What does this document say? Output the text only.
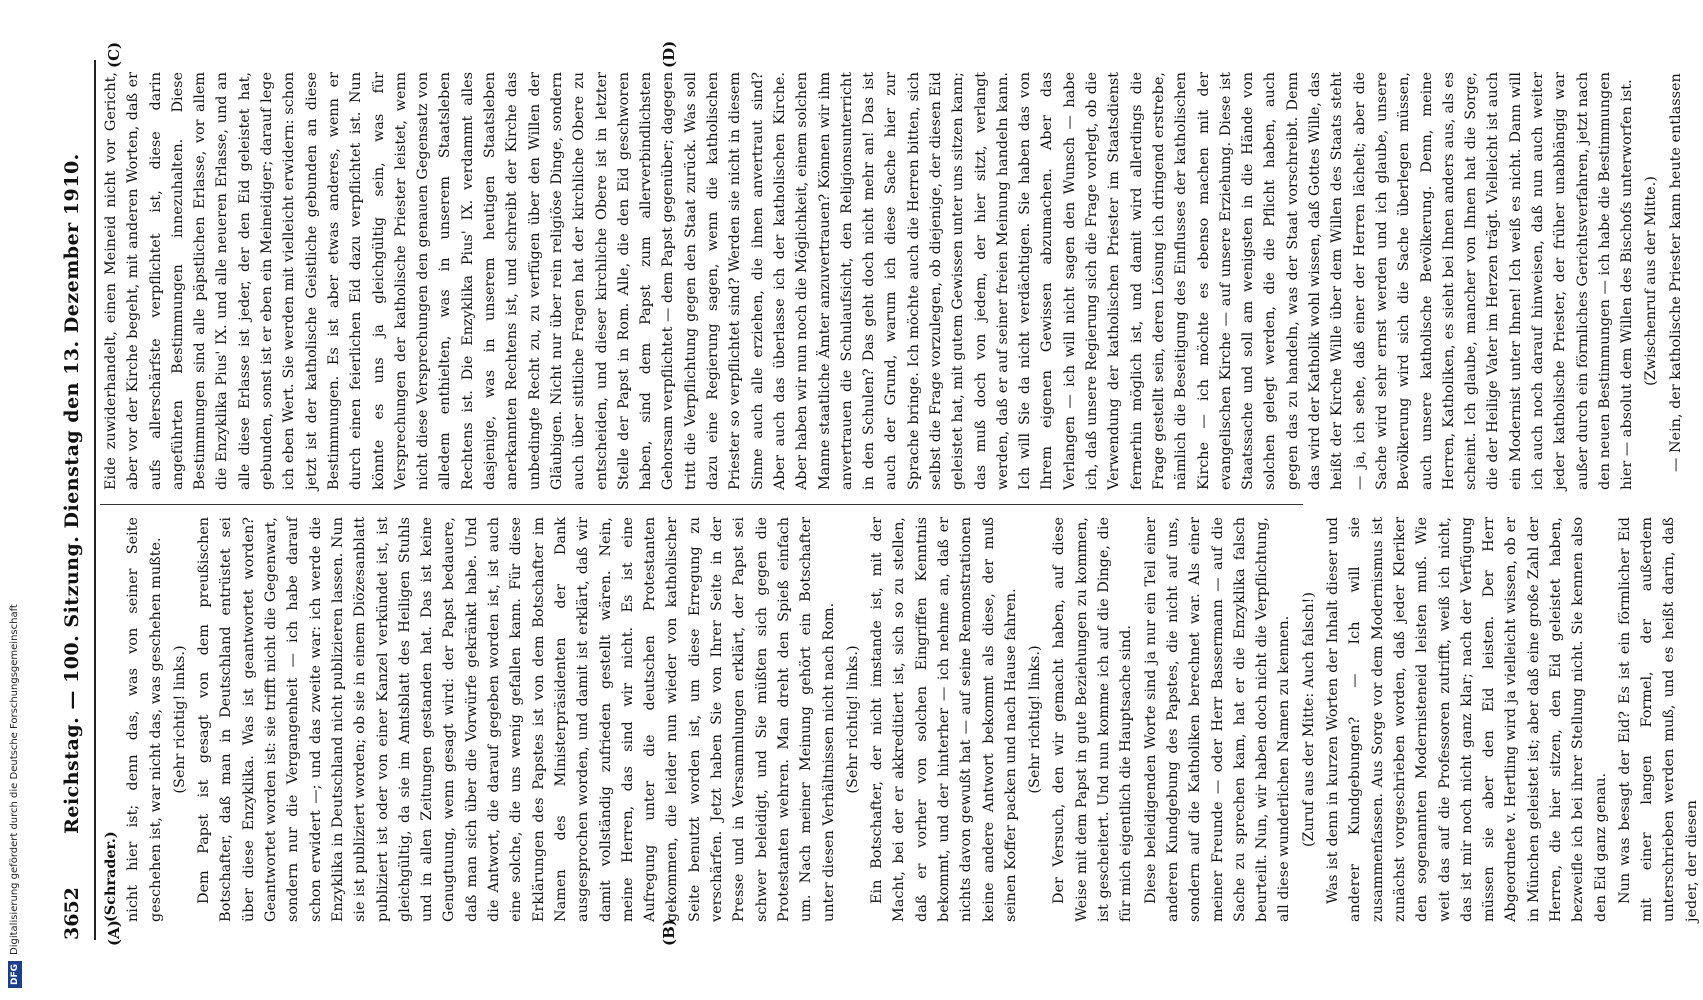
3652
Reichstag. — 100. Sitzung. Dienstag den 13. Dezember 1910.
(A)	(B)
(C)	(D)
(Schrader.) nicht hier ist; denn das, was von seiner Seite geschehen ist, war nicht das, was geschehen mußte. (Sehr richtig! links.) Dem Papst ist gesagt von dem preußischen Botschafter, daß man in Deutschland entrüstet sei über diese Enzyklika. Was ist geantwortet worden? Geantwortet worden ist: sie trifft nicht die Gegenwart, sondern nur die Vergangenheit — ich habe darauf schon erwidert —; und das zweite war: ich werde die Enzyklika in Deutschland nicht publizieren lassen. Nun sie ist publiziert worden; ob sie in einem Diözesanblatt publiziert ist oder von einer Kanzel verkündet ist, ist gleichgültig, da sie im Amtsblatt des Heiligen Stuhls und in allen Zeitungen gestanden hat. Das ist keine Genugtuung, wenn gesagt wird: der Papst bedauere, daß man sich über die Vorwürfe gekränkt habe. Und die Antwort, die darauf gegeben worden ist, ist auch eine solche, die uns wenig gefallen kann. Für diese Erklärungen des Papstes ist von dem Botschafter im Namen des Ministerpräsidenten der Dank ausgesprochen worden, und damit ist erklärt, daß wir damit vollständig zufrieden gestellt wären. Nein, meine Herren, das sind wir nicht. Es ist eine Aufregung unter die deutschen Protestanten gekommen, die leider nun wieder von katholischer Seite benutzt worden ist, um diese Erregung zu verschärfen. Jetzt haben Sie von Ihrer Seite in der Presse und in Versammlungen erklärt, der Papst sei schwer beleidigt, und Sie müßten sich gegen die Protestanten wehren. Man dreht den Spieß einfach um. Nach meiner Meinung gehört ein Botschafter unter diesen Verhältnissen nicht nach Rom. (Sehr richtig! links.) Ein Botschafter, der nicht imstande ist, mit der Macht, bei der er akkreditiert ist, sich so zu stellen, daß er vorher von solchen Eingriffen Kenntnis bekommt, und der hinterher — ich nehme an, daß er nichts davon gewußt hat — auf seine Remonstrationen keine andere Antwort bekommt als diese, der muß seinen Koffer packen und nach Hause fahren. (Sehr richtig! links.) Der Versuch, den wir gemacht haben, auf diese Weise mit dem Papst in gute Beziehungen zu kommen, ist gescheitert. Und nun komme ich auf die Dinge, die für mich eigentlich die Hauptsache sind. Diese beleidigenden Worte sind ja nur ein Teil einer anderen Kundgebung des Papstes, die nicht auf uns, sondern auf die Katholiken berechnet war. Als einer meiner Freunde — oder Herr Bassermann — auf die Sache zu sprechen kam, hat er die Enzyklika falsch beurteilt. Nun, wir haben doch nicht die Verpflichtung, all diese wunderlichen Namen zu kennen. (Zuruf aus der Mitte: Auch falsch!) Was ist denn in kurzen Worten der Inhalt dieser und anderer Kundgebungen? — Ich will sie zusammenfassen. Aus Sorge vor dem Modernismus ist zunächst vorgeschrieben worden, daß jeder Kleriker den sogenannten Modernisteneid leisten muß. Wie weit das auf die Professoren zutrifft, weiß ich nicht, das ist mir noch nicht ganz klar; nach der Verfügung müssen sie aber den Eid leisten. Der Herr Abgeordnete v. Hertling wird ja vielleicht wissen, ob er in München geleistet ist; aber daß eine große Zahl der Herren, die hier sitzen, den Eid geleistet haben, bezweifle ich bei ihrer Stellung nicht. Sie kennen also den Eid ganz genau. Nun was besagt der Eid? Es ist ein förmlicher Eid mit einer langen Formel, der außerdem unterschrieben werden muß, und es heißt darin, daß jeder, der diesen

Eide zuwiderhandelt, einen Meineid nicht vor Gericht, aber vor der Kirche begeht, mit anderen Worten, daß er aufs allerschärfste verpflichtet ist, diese darin angeführten Bestimmungen innezuhalten. Diese Bestimmungen sind alle päpstlichen Erlasse, vor allem die Enzyklika Pius' IX. und alle neueren Erlasse, und an alle diese Erlasse ist jeder, der den Eid geleistet hat, gebunden, sonst ist er eben ein Meineidiger; darauf lege ich eben Wert. Sie werden mit vielleicht erwidern: schon jetzt ist der katholische Geistliche gebunden an diese Bestimmungen. Es ist aber etwas anderes, wenn er durch einen feierlichen Eid dazu verpflichtet ist. Nun könnte es uns ja gleichgültig sein, was für Versprechungen der katholische Priester leistet, wenn nicht diese Versprechungen den genauen Gegensatz von alledem enthielten, was in unserem Staatsleben Rechtens ist. Die Enzyklika Pius' IX. verdammt alles dasjenige, was in unserem heutigen Staatsleben anerkannten Rechtens ist, und schreibt der Kirche das unbedingte Recht zu, zu verfügen über den Willen der Gläubigen. Nicht nur über rein religiöse Dinge, sondern auch über sittliche Fragen hat der kirchliche Obere zu entscheiden, und dieser kirchliche Obere ist in letzter Stelle der Papst in Rom. Alle, die den Eid geschworen haben, sind dem Papst zum allerverbindlichsten Gehorsam verpflichtet — dem Papst gegenüber; dagegen tritt die Verpflichtung gegen den Staat zurück. Was soll dazu eine Regierung sagen, wenn die katholischen Priester so verpflichtet sind? Werden sie nicht in diesem Sinne auch alle erziehen, die ihnen anvertraut sind? Aber auch das überlasse ich der katholischen Kirche. Aber haben wir nun noch die Möglichkeit, einem solchen Manne staatliche Ämter anzuvertrauen? Können wir ihm anvertrauen die Schulaufsicht, den Religionsunterricht in den Schulen? Das geht doch nicht mehr an! Das ist auch der Grund, warum ich diese Sache hier zur Sprache bringe. Ich möchte auch die Herren bitten, sich selbst die Frage vorzulegen, ob diejenige, der diesen Eid geleistet hat, mit gutem Gewissen unter uns sitzen kann; das muß doch von jedem, der hier sitzt, verlangt werden, daß er auf seiner freien Meinung handeln kann. Ich will Sie da nicht verdächtigen. Sie haben das von Ihrem eigenen Gewissen abzumachen. Aber das Verlangen — ich will nicht sagen den Wunsch — habe ich, daß unsere Regierung sich die Frage vorlegt, ob die Verwendung der katholischen Priester im Staatsdienst fernerhin möglich ist, und damit wird allerdings die Frage gestellt sein, deren Lösung ich dringend erstrebe, nämlich die Beseitigung des Einflusses der katholischen Kirche — ich möchte es ebenso machen mit der evangelischen Kirche — auf unsere Erziehung. Diese ist Staatssache und soll am wenigsten in die Hände von solchen gelegt werden, die die Pflicht haben, auch gegen das zu handeln, was der Staat vorschreibt. Denn das wird der Katholik wohl wissen, daß Gottes Wille, das heißt der Kirche Wille über dem Willen des Staats steht — ja, ich sehe, daß einer der Herren lächelt; aber die Sache wird sehr ernst werden und ich glaube, unsere Bevölkerung wird sich die Sache überlegen müssen, auch unsere katholische Bevölkerung. Denn, meine Herren, Katholiken, es sieht bei Ihnen anders aus, als es scheint. Ich glaube, mancher von Ihnen hat die Sorge, die der Heilige Vater im Herzen trägt. Vielleicht ist auch ein Modernist unter Ihnen! Ich weiß es nicht. Dann will ich auch noch darauf hinweisen, daß nun auch weiter jeder katholische Priester, der früher unabhängig war außer durch ein förmliches Gerichtsverfahren, jetzt nach den neuen Bestimmungen — ich habe die Bestimmungen hier — absolut dem Willen des Bischofs unterworfen ist. (Zwischenruf aus der Mitte.) — Nein, der katholische Priester kann heute entlassen

DFG
Digitalisierung gefördert durch die Deutsche Forschungsgemeinschaft
